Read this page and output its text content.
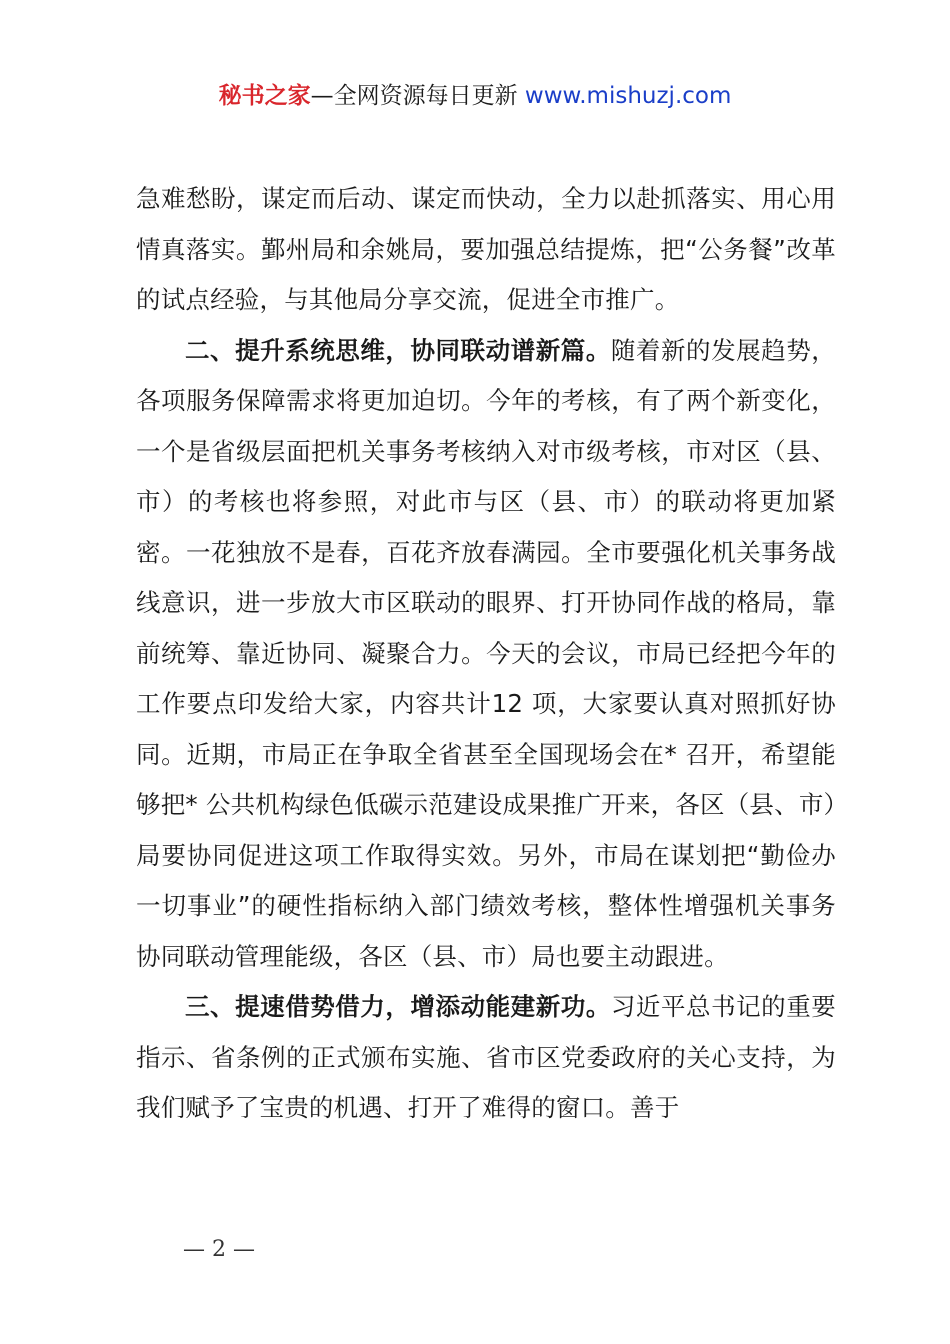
秘书之家—全网资源每日更新 www.mishuzj.com

急难愁盼，谋定而后动、谋定而快动，全力以赴抓落实、用心用情真落实。鄞州局和余姚局，要加强总结提炼，把“公务餐”改革的试点经验，与其他局分享交流，促进全市推广。

二、提升系统思维，协同联动谱新篇。随着新的发展趋势，各项服务保障需求将更加迫切。今年的考核，有了两个新变化，一个是省级层面把机关事务考核纳入对市级考核，市对区（县、市）的考核也将参照，对此市与区（县、市）的联动将更加紧密。一花独放不是春，百花齐放春满园。全市要强化机关事务战线意识，进一步放大市区联动的眼界、打开协同作战的格局，靠前统筹、靠近协同、凝聚合力。今天的会议，市局已经把今年的工作要点印发给大家，内容共计12 项，大家要认真对照抓好协同。近期，市局正在争取全省甚至全国现场会在* 召开，希望能够把* 公共机构绿色低碳示范建设成果推广开来，各区（县、市）局要协同促进这项工作取得实效。另外，市局在谋划把“勤俭办一切事业”的硬性指标纳入部门绩效考核，整体性增强机关事务协同联动管理能级，各区（县、市）局也要主动跟进。

三、提速借势借力，增添动能建新功。习近平总书记的重要指示、省条例的正式颁布实施、省市区党委政府的关心支持，为我们赋予了宝贵的机遇、打开了难得的窗口。善于

— 2 —
